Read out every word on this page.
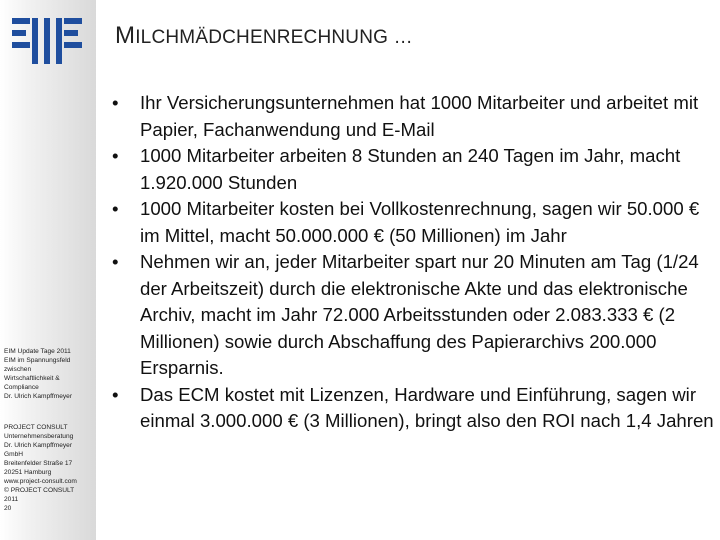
MILCHMÄDCHENRECHNUNG …
EIM Update Tage 2011
EIM im Spannungsfeld
zwischen
Wirtschaftlichkeit &
Compliance
Dr. Ulrich Kampffmeyer
PROJECT CONSULT
Unternehmensberatung
Dr. Ulrich Kampffmeyer
GmbH
Breitenfelder Straße 17
20251 Hamburg
www.project-consult.com
© PROJECT CONSULT
2011
20
• Ihr Versicherungsunternehmen hat 1000 Mitarbeiter und arbeitet mit Papier, Fachanwendung und E-Mail
• 1000 Mitarbeiter arbeiten 8 Stunden an 240 Tagen im Jahr, macht 1.920.000 Stunden
• 1000 Mitarbeiter kosten bei Vollkostenrechnung, sagen wir 50.000 € im Mittel, macht 50.000.000 € (50 Millionen) im Jahr
• Nehmen wir an, jeder Mitarbeiter spart nur 20 Minuten am Tag (1/24 der Arbeitszeit) durch die elektronische Akte und das elektronische Archiv, macht im Jahr 72.000 Arbeitsstunden oder 2.083.333 € (2 Millionen) sowie durch Abschaffung des Papierarchivs 200.000 Ersparnis.
• Das ECM kostet mit Lizenzen, Hardware und Einführung, sagen wir einmal 3.000.000 € (3 Millionen), bringt also den ROI nach 1,4 Jahren
